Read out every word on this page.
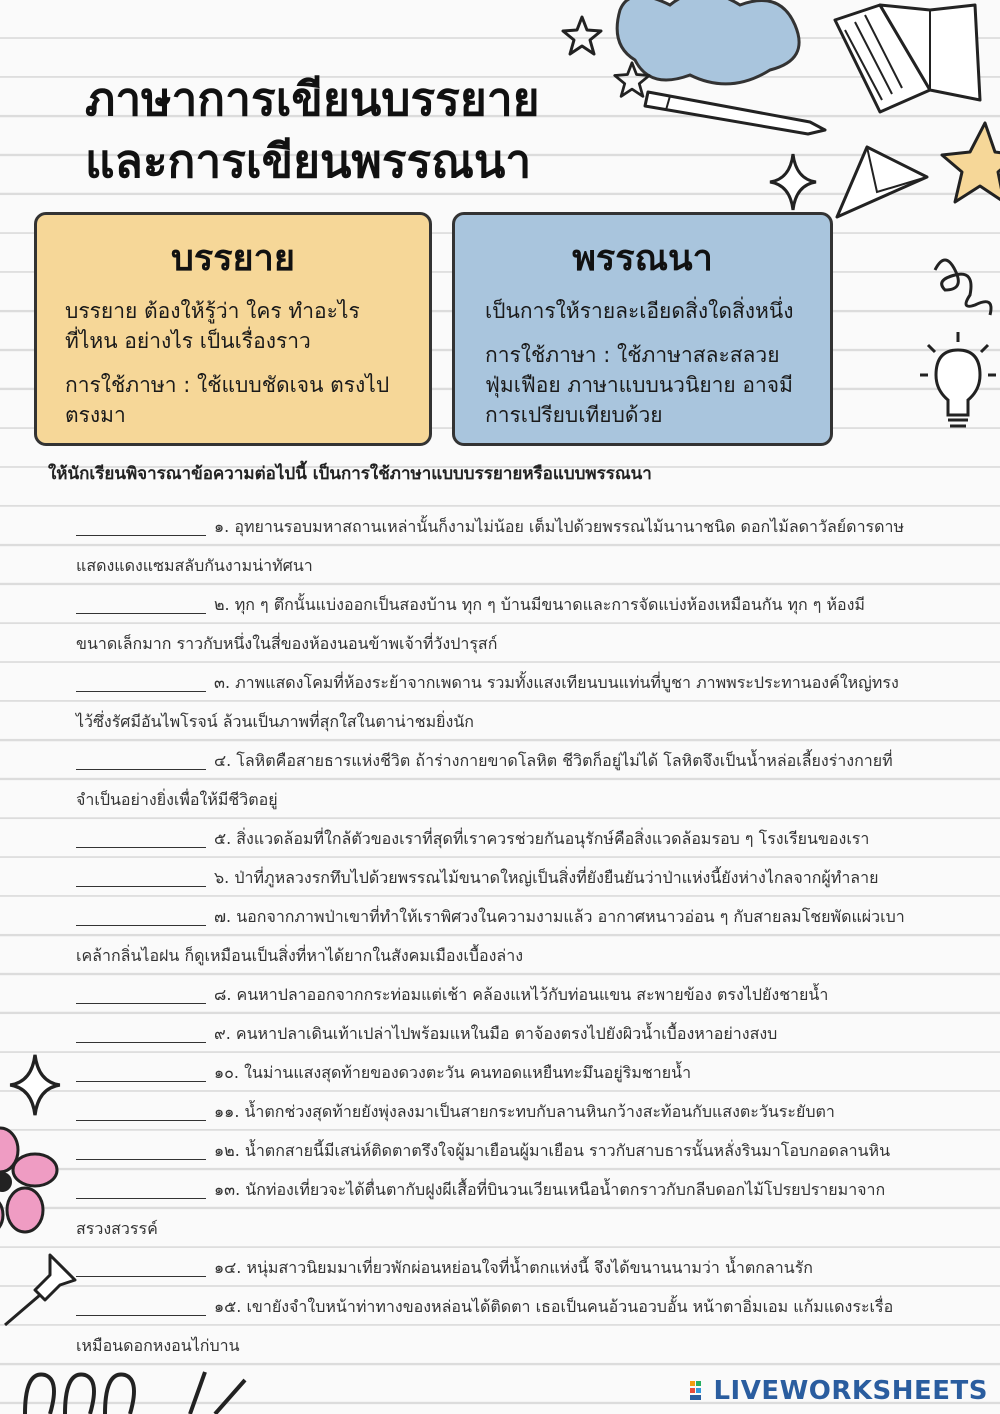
ภาษาการเขียนบรรยาย
และการเขียนพรรณนา
บรรยาย

บรรยาย ต้องให้รู้ว่า ใคร ทำอะไร ที่ไหน อย่างไร เป็นเรื่องราว

การใช้ภาษา : ใช้แบบชัดเจน ตรงไปตรงมา

พรรณนา

เป็นการให้รายละเอียดสิ่งใดสิ่งหนึ่ง

การใช้ภาษา : ใช้ภาษาสละสลวย ฟุ่มเฟือย ภาษาแบบนวนิยาย อาจมีการเปรียบเทียบด้วย

ให้นักเรียนพิจารณาข้อความต่อไปนี้ เป็นการใช้ภาษาแบบบรรยายหรือแบบพรรณนา

๑. อุทยานรอบมหาสถานเหล่านั้นก็งามไม่น้อย เต็มไปด้วยพรรณไม้นานาชนิด ดอกไม้ลดาวัลย์ดารดาษ

แสดงแดงแซมสลับกันงามน่าทัศนา

๒. ทุก ๆ ตึกนั้นแบ่งออกเป็นสองบ้าน ทุก ๆ บ้านมีขนาดและการจัดแบ่งห้องเหมือนกัน ทุก ๆ ห้องมี

ขนาดเล็กมาก ราวกับหนึ่งในสี่ของห้องนอนข้าพเจ้าที่วังปารุสก์

๓. ภาพแสดงโคมที่ห้องระย้าจากเพดาน รวมทั้งแสงเทียนบนแท่นที่บูชา ภาพพระประทานองค์ใหญ่ทรง

ไว้ซึ่งรัศมีอันไพโรจน์ ล้วนเป็นภาพที่สุกใสในตาน่าชมยิ่งนัก

๔. โลหิตคือสายธารแห่งชีวิต ถ้าร่างกายขาดโลหิต ชีวิตก็อยู่ไม่ได้ โลหิตจึงเป็นน้ำหล่อเลี้ยงร่างกายที่

จำเป็นอย่างยิ่งเพื่อให้มีชีวิตอยู่

๕. สิ่งแวดล้อมที่ใกล้ตัวของเราที่สุดที่เราควรช่วยกันอนุรักษ์คือสิ่งแวดล้อมรอบ ๆ โรงเรียนของเรา

๖. ป่าที่ภูหลวงรกทึบไปด้วยพรรณไม้ขนาดใหญ่เป็นสิ่งที่ยังยืนยันว่าป่าแห่งนี้ยังห่างไกลจากผู้ทำลาย

๗. นอกจากภาพป่าเขาที่ทำให้เราพิศวงในความงามแล้ว อากาศหนาวอ่อน ๆ กับสายลมโชยพัดแผ่วเบา

เคล้ากลิ่นไอฝน ก็ดูเหมือนเป็นสิ่งที่หาได้ยากในสังคมเมืองเบื้องล่าง

๘. คนหาปลาออกจากกระท่อมแต่เช้า คล้องแหไว้กับท่อนแขน สะพายข้อง ตรงไปยังชายน้ำ

๙. คนหาปลาเดินเท้าเปล่าไปพร้อมแหในมือ ตาจ้องตรงไปยังผิวน้ำเบื้องหาอย่างสงบ

๑๐. ในม่านแสงสุดท้ายของดวงตะวัน คนทอดแหยืนทะมึนอยู่ริมชายน้ำ

๑๑. น้ำตกช่วงสุดท้ายยังพุ่งลงมาเป็นสายกระทบกับลานหินกว้างสะท้อนกับแสงตะวันระยับตา

๑๒. น้ำตกสายนี้มีเสน่ห์ติดตาตรึงใจผู้มาเยือนผู้มาเยือน ราวกับสาบธารนั้นหลั่งรินมาโอบกอดลานหิน

๑๓. นักท่องเที่ยวจะได้ตื่นตากับฝูงผีเสื้อที่บินวนเวียนเหนือน้ำตกราวกับกลีบดอกไม้โปรยปรายมาจาก

สรวงสวรรค์

๑๔. หนุ่มสาวนิยมมาเที่ยวพักผ่อนหย่อนใจที่น้ำตกแห่งนี้ จึงได้ขนานนามว่า น้ำตกลานรัก

๑๕. เขายังจำใบหน้าท่าทางของหล่อนได้ติดตา เธอเป็นคนอ้วนอวบอั้น หน้าตาอิ่มเอม แก้มแดงระเรื่อ

เหมือนดอกหงอนไก่บาน

LIVEWORKSHEETS
